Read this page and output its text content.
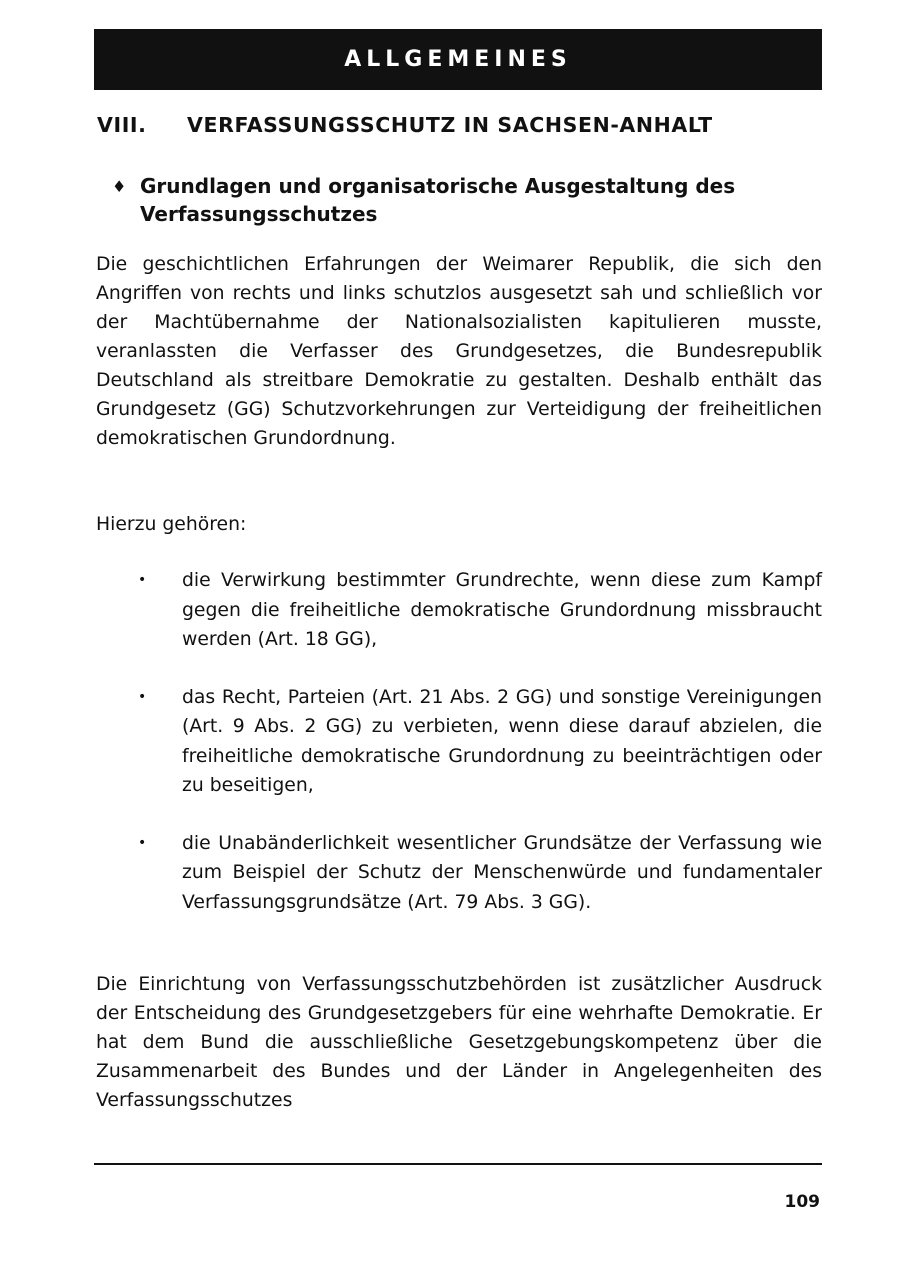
ALLGEMEINES
VIII.	VERFASSUNGSSCHUTZ IN SACHSEN-ANHALT
♦ Grundlagen und organisatorische Ausgestaltung des Verfassungsschutzes

Die geschichtlichen Erfahrungen der Weimarer Republik, die sich den Angriffen von rechts und links schutzlos ausgesetzt sah und schließlich vor der Machtübernahme der Nationalsozialisten kapitulieren musste, veranlassten die Verfasser des Grundgesetzes, die Bundesrepublik Deutschland als streitbare Demokratie zu gestalten. Deshalb enthält das Grundgesetz (GG) Schutzvorkehrungen zur Verteidigung der freiheitlichen demokratischen Grundordnung.

Hierzu gehören:

•	die Verwirkung bestimmter Grundrechte, wenn diese zum Kampf gegen die freiheitliche demokratische Grundordnung missbraucht werden (Art. 18 GG),
•	das Recht, Parteien (Art. 21 Abs. 2 GG) und sonstige Vereinigungen (Art. 9 Abs. 2 GG) zu verbieten, wenn diese darauf abzielen, die freiheitliche demokratische Grundordnung zu beeinträchtigen oder zu beseitigen,
•	die Unabänderlichkeit wesentlicher Grundsätze der Verfassung wie zum Beispiel der Schutz der Menschenwürde und fundamentaler Verfassungsgrundsätze (Art. 79 Abs. 3 GG).

Die Einrichtung von Verfassungsschutzbehörden ist zusätzlicher Ausdruck der Entscheidung des Grundgesetzgebers für eine wehrhafte Demokratie. Er hat dem Bund die ausschließliche Gesetzgebungskompetenz über die Zusammenarbeit des Bundes und der Länder in Angelegenheiten des Verfassungsschutzes

109
